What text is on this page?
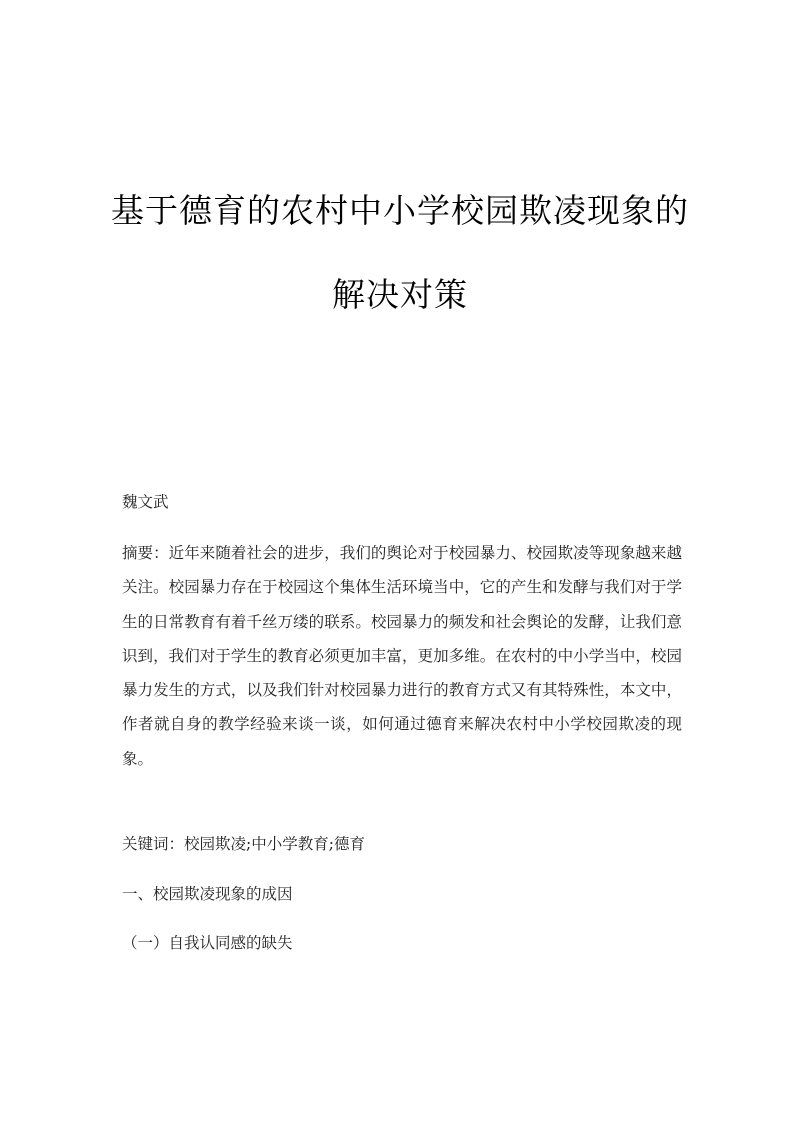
基于德育的农村中小学校园欺凌现象的
解决对策
魏文武
摘要：近年来随着社会的进步，我们的舆论对于校园暴力、校园欺凌等现象越来越关注。校园暴力存在于校园这个集体生活环境当中，它的产生和发酵与我们对于学生的日常教育有着千丝万缕的联系。校园暴力的频发和社会舆论的发酵，让我们意识到，我们对于学生的教育必须更加丰富，更加多维。在农村的中小学当中，校园暴力发生的方式，以及我们针对校园暴力进行的教育方式又有其特殊性，本文中，作者就自身的教学经验来谈一谈，如何通过德育来解决农村中小学校园欺凌的现象。
关键词：校园欺凌;中小学教育;德育
一、校园欺凌现象的成因
（一）自我认同感的缺失
